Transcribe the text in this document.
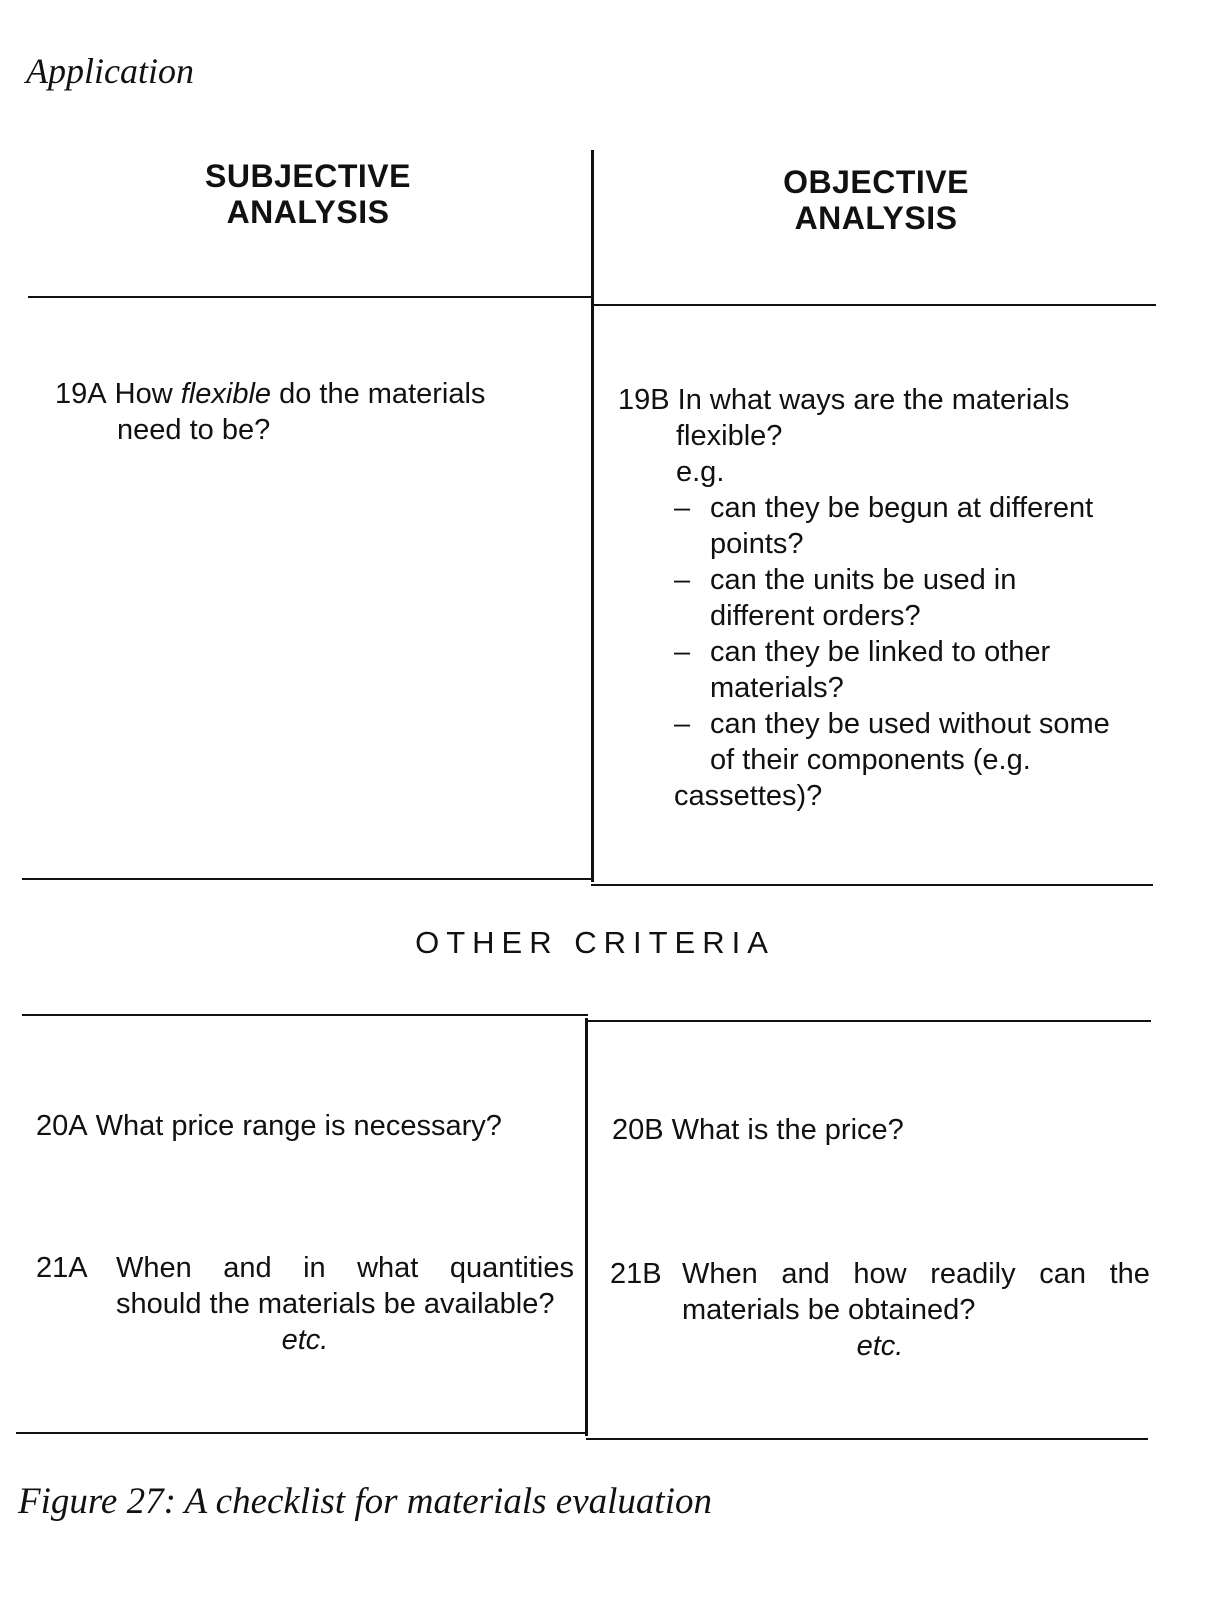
Application
SUBJECTIVE
ANALYSIS
OBJECTIVE
ANALYSIS
19A How flexible do the materials
need to be?
19B In what ways are the materials
flexible?
e.g.
– can they be begun at different
points?
– can the units be used in
different orders?
– can they be linked to other
materials?
– can they be used without some
of their components (e.g.
cassettes)?
OTHER CRITERIA
20A What price range is necessary?	20B What is the price?
21A When and in what quantities
should the materials be available?
etc.
21B When and how readily can the
materials be obtained?
etc.
Figure 27: A checklist for materials evaluation
